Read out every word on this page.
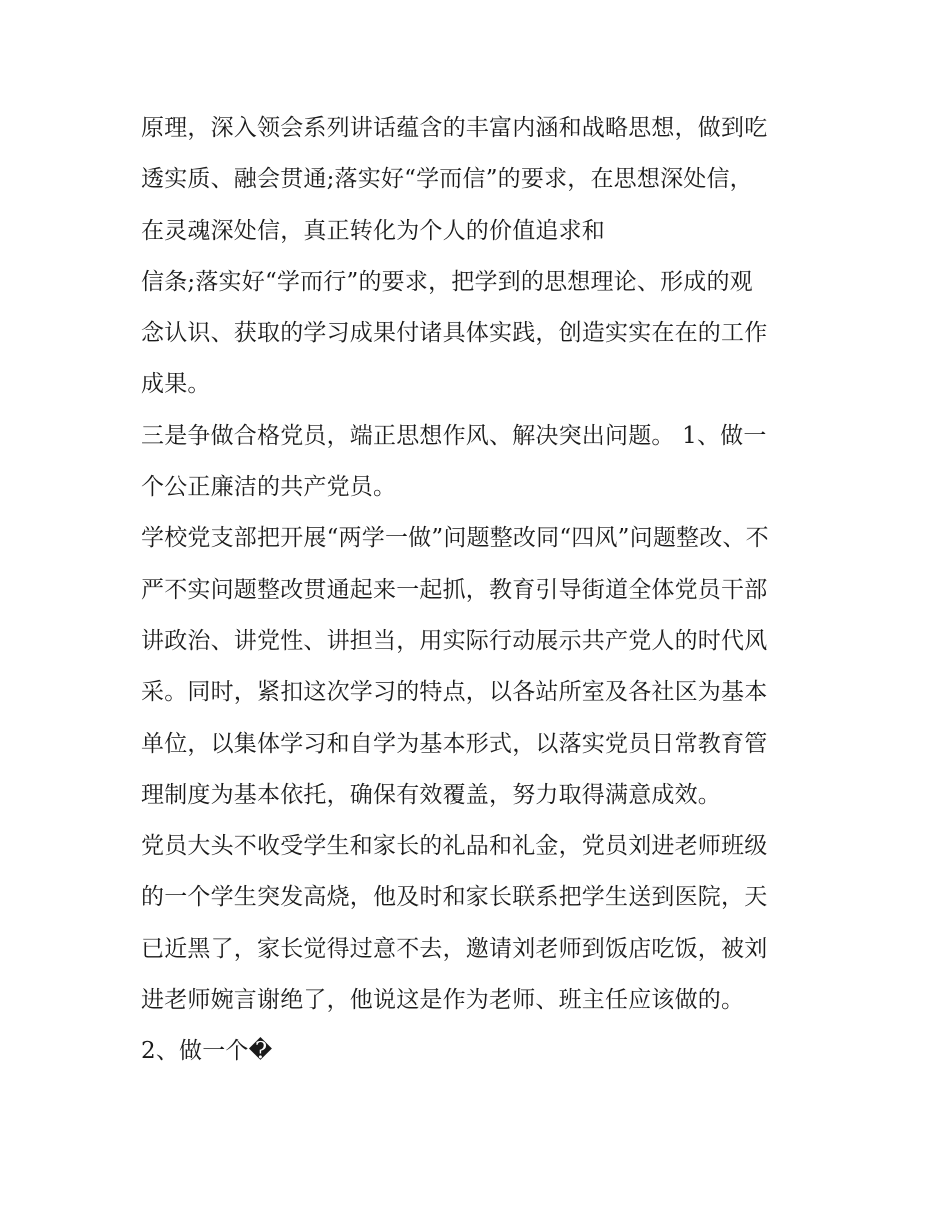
原理，深入领会系列讲话蕴含的丰富内涵和战略思想，做到吃
透实质、融会贯通;落实好“学而信”的要求，在思想深处信，
在灵魂深处信，真正转化为个人的价值追求和
信条;落实好“学而行”的要求，把学到的思想理论、形成的观
念认识、获取的学习成果付诸具体实践，创造实实在在的工作
成果。
三是争做合格党员，端正思想作风、解决突出问题。 1、做一
个公正廉洁的共产党员。
学校党支部把开展“两学一做”问题整改同“四风”问题整改、不
严不实问题整改贯通起来一起抓，教育引导街道全体党员干部
讲政治、讲党性、讲担当，用实际行动展示共产党人的时代风
采。同时，紧扣这次学习的特点，以各站所室及各社区为基本
单位，以集体学习和自学为基本形式，以落实党员日常教育管
理制度为基本依托，确保有效覆盖，努力取得满意成效。
党员大头不收受学生和家长的礼品和礼金，党员刘进老师班级
的一个学生突发高烧，他及时和家长联系把学生送到医院，天
已近黑了，家长觉得过意不去，邀请刘老师到饭店吃饭，被刘
进老师婉言谢绝了，他说这是作为老师、班主任应该做的。
2、做一个�
